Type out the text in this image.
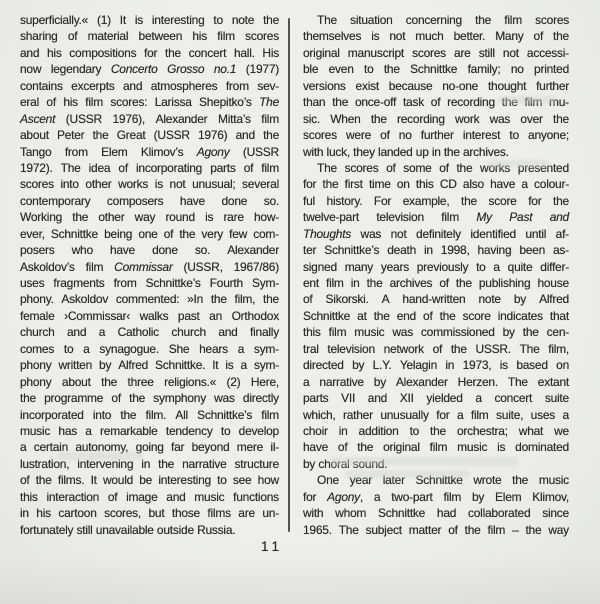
superficially.« (1) It is interesting to note the
sharing of material between his film scores
and his compositions for the concert hall. His
now legendary Concerto Grosso no.1 (1977)
contains excerpts and atmospheres from sev-
eral of his film scores: Larissa Shepitko’s The
Ascent (USSR 1976), Alexander Mitta’s film
about Peter the Great (USSR 1976) and the
Tango from Elem Klimov’s Agony (USSR
1972). The idea of incorporating parts of film
scores into other works is not unusual; several
contemporary composers have done so.
Working the other way round is rare how-
ever, Schnittke being one of the very few com-
posers who have done so. Alexander
Askoldov’s film Commissar (USSR, 1967/86)
uses fragments from Schnittke’s Fourth Sym-
phony. Askoldov commented: »In the film, the
female ›Commissar‹ walks past an Orthodox
church and a Catholic church and finally
comes to a synagogue. She hears a sym-
phony written by Alfred Schnittke. It is a sym-
phony about the three religions.« (2) Here,
the programme of the symphony was directly
incorporated into the film. All Schnittke’s film
music has a remarkable tendency to develop
a certain autonomy, going far beyond mere il-
lustration, intervening in the narrative structure
of the films. It would be interesting to see how
this interaction of image and music functions
in his cartoon scores, but those films are un-
fortunately still unavailable outside Russia.
The situation concerning the film scores
themselves is not much better. Many of the
original manuscript scores are still not accessi-
ble even to the Schnittke family; no printed
versions exist because no-one thought further
than the once-off task of recording the film mu-
sic. When the recording work was over the
scores were of no further interest to anyone;
with luck, they landed up in the archives.
The scores of some of the works presented
for the first time on this CD also have a colour-
ful history. For example, the score for the
twelve-part television film My Past and
Thoughts was not definitely identified until af-
ter Schnittke’s death in 1998, having been as-
signed many years previously to a quite differ-
ent film in the archives of the publishing house
of Sikorski. A hand-written note by Alfred
Schnittke at the end of the score indicates that
this film music was commissioned by the cen-
tral television network of the USSR. The film,
directed by L.Y. Yelagin in 1973, is based on
a narrative by Alexander Herzen. The extant
parts VII and XII yielded a concert suite
which, rather unusually for a film suite, uses a
choir in addition to the orchestra; what we
have of the original film music is dominated
by choral sound.
One year later Schnittke wrote the music
for Agony, a two-part film by Elem Klimov,
with whom Schnittke had collaborated since
1965. The subject matter of the film – the way
11
